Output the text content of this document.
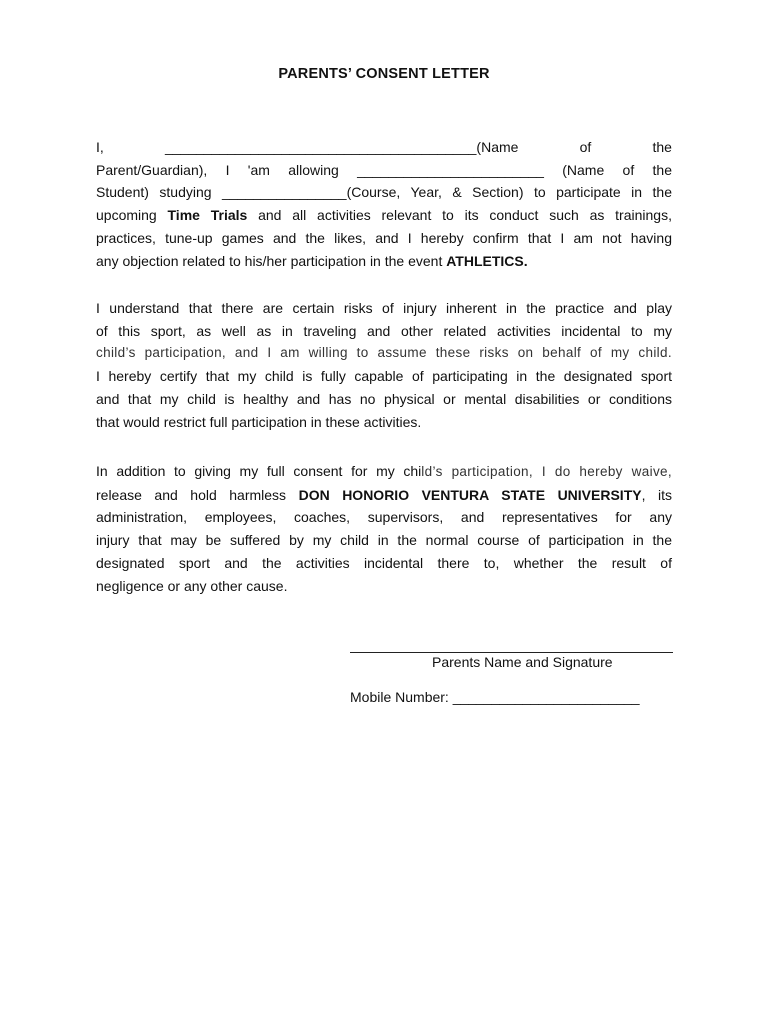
PARENTS’ CONSENT LETTER

I,	________________________________________(Name	of	the
Parent/Guardian), I 'am allowing ________________________ (Name of the
Student) studying ________________(Course, Year, & Section) to participate in the
upcoming Time Trials and all activities relevant to its conduct such as trainings,
practices, tune-up games and the likes, and I hereby confirm that I am not having
any objection related to his/her participation in the event ATHLETICS.

I understand that there are certain risks of injury inherent in the practice and play
of this sport, as well as in traveling and other related activities incidental to my
child’s participation, and I am willing to assume these risks on behalf of my child.
I hereby certify that my child is fully capable of participating in the designated sport
and that my child is healthy and has no physical or mental disabilities or conditions
that would restrict full participation in these activities.

In addition to giving my full consent for my child’s participation, I do hereby waive,
release and hold harmless DON HONORIO VENTURA STATE UNIVERSITY, its
administration, employees, coaches, supervisors, and representatives for any
injury that may be suffered by my child in the normal course of participation in the
designated sport and the activities incidental there to, whether the result of
negligence or any other cause.

Parents Name and Signature
Mobile Number: ________________________
